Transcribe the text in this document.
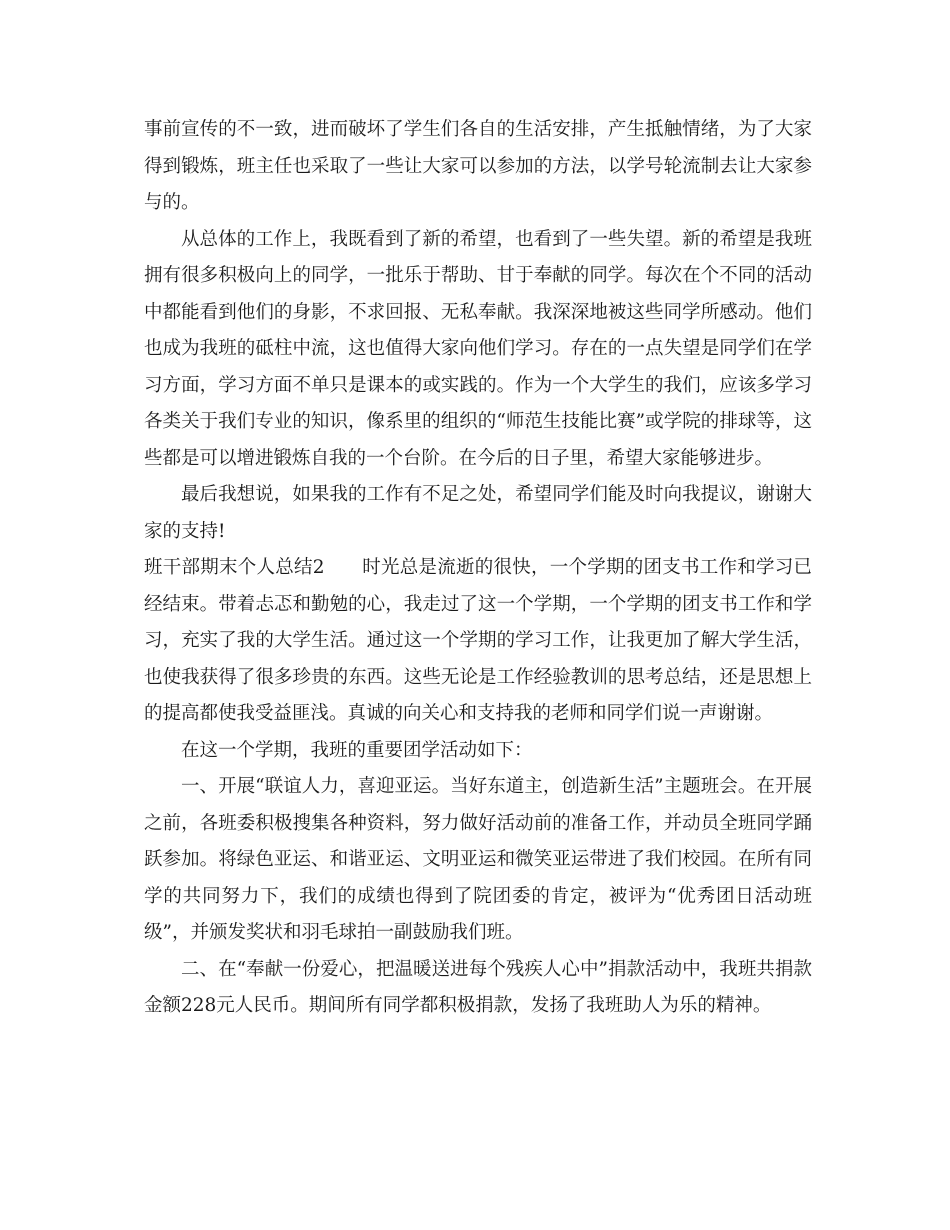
事前宣传的不一致，进而破坏了学生们各自的生活安排，产生抵触情绪，为了大家得到锻炼，班主任也采取了一些让大家可以参加的方法，以学号轮流制去让大家参与的。

从总体的工作上，我既看到了新的希望，也看到了一些失望。新的希望是我班拥有很多积极向上的同学，一批乐于帮助、甘于奉献的同学。每次在个不同的活动中都能看到他们的身影，不求回报、无私奉献。我深深地被这些同学所感动。他们也成为我班的砥柱中流，这也值得大家向他们学习。存在的一点失望是同学们在学习方面，学习方面不单只是课本的或实践的。作为一个大学生的我们，应该多学习各类关于我们专业的知识，像系里的组织的“师范生技能比赛”或学院的排球等，这些都是可以增进锻炼自我的一个台阶。在今后的日子里，希望大家能够进步。

最后我想说，如果我的工作有不足之处，希望同学们能及时向我提议，谢谢大家的支持!

班干部期末个人总结2　　 时光总是流逝的很快，一个学期的团支书工作和学习已经结束。带着忐忑和勤勉的心，我走过了这一个学期，一个学期的团支书工作和学习，充实了我的大学生活。通过这一个学期的学习工作，让我更加了解大学生活，也使我获得了很多珍贵的东西。这些无论是工作经验教训的思考总结，还是思想上的提高都使我受益匪浅。真诚的向关心和支持我的老师和同学们说一声谢谢。

在这一个学期，我班的重要团学活动如下：

一、开展“联谊人力，喜迎亚运。当好东道主，创造新生活”主题班会。在开展之前，各班委积极搜集各种资料，努力做好活动前的准备工作，并动员全班同学踊跃参加。将绿色亚运、和谐亚运、文明亚运和微笑亚运带进了我们校园。在所有同学的共同努力下，我们的成绩也得到了院团委的肯定，被评为“优秀团日活动班级”，并颁发奖状和羽毛球拍一副鼓励我们班。

二、在“奉献一份爱心，把温暖送进每个残疾人心中”捐款活动中，我班共捐款金额228元人民币。期间所有同学都积极捐款，发扬了我班助人为乐的精神。
